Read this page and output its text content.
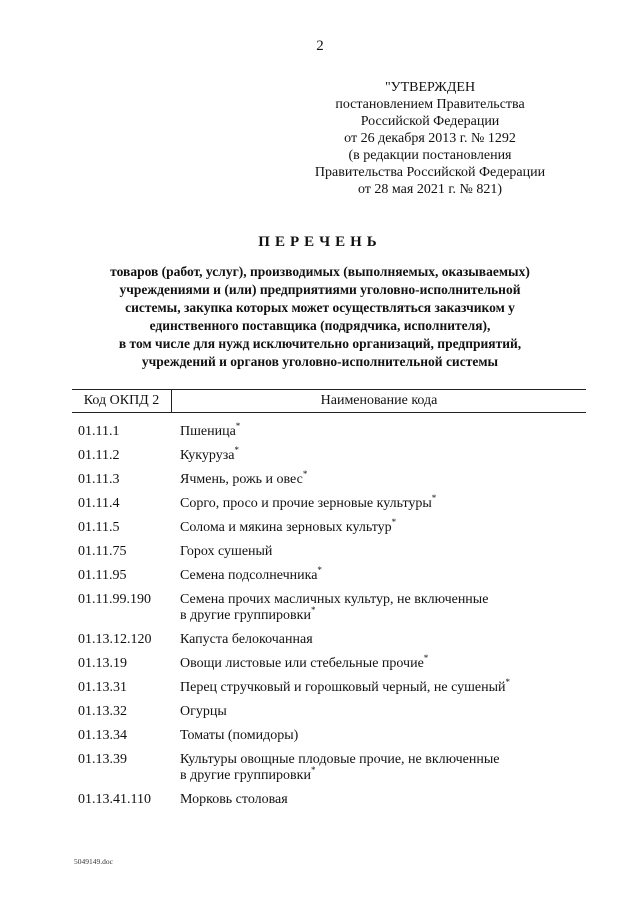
2
"УТВЕРЖДЕН
постановлением Правительства
Российской Федерации
от 26 декабря 2013 г. № 1292
(в редакции постановления
Правительства Российской Федерации
от 28 мая 2021 г. № 821)
ПЕРЕЧЕНЬ
товаров (работ, услуг), производимых (выполняемых, оказываемых)
учреждениями и (или) предприятиями уголовно-исполнительной
системы, закупка которых может осуществляться заказчиком у
единственного поставщика (подрядчика, исполнителя),
в том числе для нужд исключительно организаций, предприятий,
учреждений и органов уголовно-исполнительной системы
Код ОКПД 2	Наименование кода
01.11.1	Пшеница*
01.11.2	Кукуруза*
01.11.3	Ячмень, рожь и овес*
01.11.4	Сорго, просо и прочие зерновые культуры*
01.11.5	Солома и мякина зерновых культур*
01.11.75	Горох сушеный
01.11.95	Семена подсолнечника*
01.11.99.190	Семена прочих масличных культур, не включенные
в другие группировки*
01.13.12.120	Капуста белокочанная
01.13.19	Овощи листовые или стебельные прочие*
01.13.31	Перец стручковый и горошковый черный, не сушеный*
01.13.32	Огурцы
01.13.34	Томаты (помидоры)
01.13.39	Культуры овощные плодовые прочие, не включенные
в другие группировки*
01.13.41.110	Морковь столовая
5049149.doc
